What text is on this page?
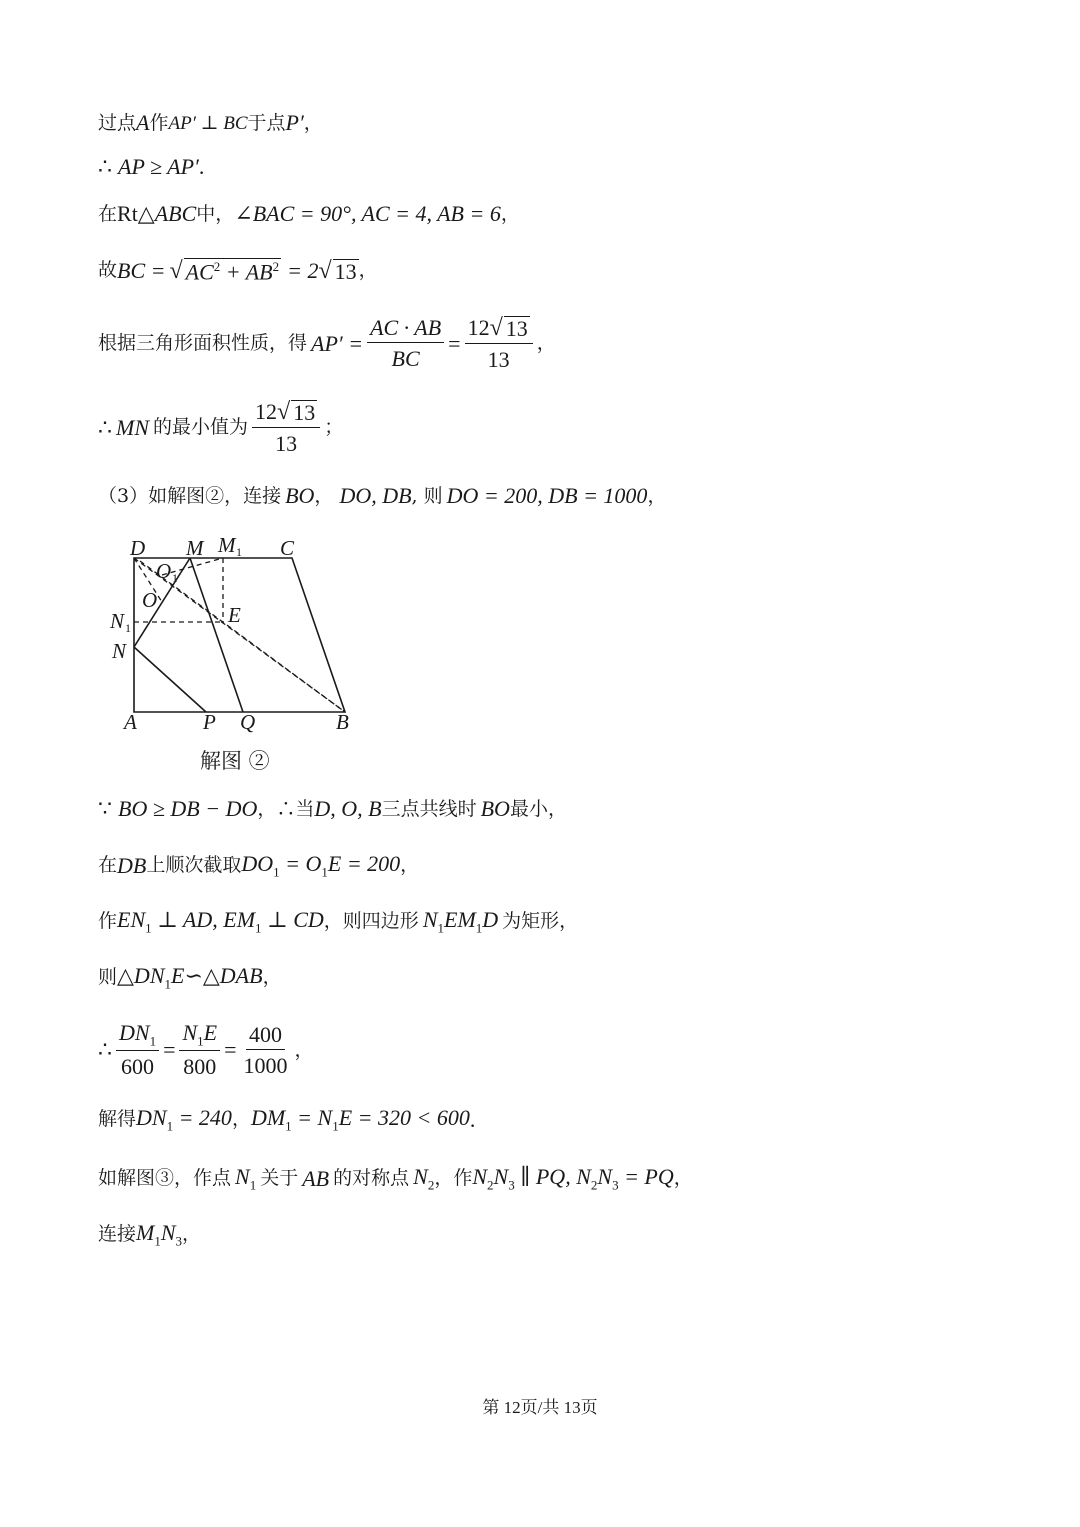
过点 A 作 AP′ ⊥ BC 于点 P′ ，
∴ AP ≥ AP′ .
在 Rt△ ABC 中， ∠BAC = 90°, AC = 4, AB = 6 ，
故 BC = √ $AC^2 + AB^2 = 2$ √ 13 ，
根据三角形面积性质，得 $AP' = \frac{AC \cdot AB}{BC} = \frac{12 √ 13}{13}$ ，
∴ MN 的最小值为 $\frac{12 √ 13}{13}$ ；
（3）如解图②，连接 BO ， DO, DB , 则 DO = 200, DB = 1000 ，
D M M 1 C
O 1
O
N 1
E
N
A	P Q	B
解图 ②
∵ BO ≥ DB − DO ，∴当 D, O, B 三点共线时 BO 最小，
在 DB 上顺次截取 $DO_1 = O_1E = 200$ ，
作 $EN_1$ ⊥ AD, $EM_1$ ⊥ CD ，则四边形 $N_1EM_1D$ 为矩形，
则 $\triangle DN_1E∽\triangle DAB$ ，
∴ $\frac{DN_1}{600} = \frac{N_1E}{800} = \frac{400}{1000}$ ，
解得 $DN_1 = 240$ ， $DM_1 = N_1E = 320 < 600$ .
如解图③，作点 $N_1$ 关于 AB 的对称点 $N_2$ ，作 $N_2N_3$ ∥ PQ, $N_2N_3$ = PQ ，
连接 $M_1N_3$ ，
第 12页/共 13页
